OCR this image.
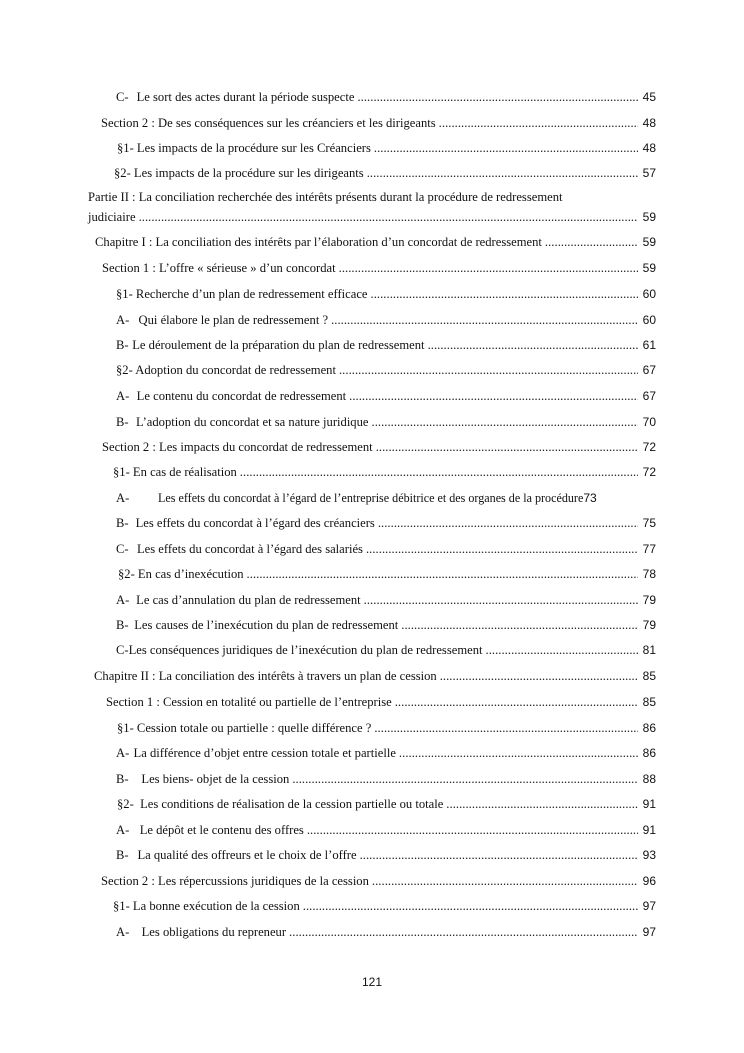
C- Le sort des actes durant la période suspecte . . .	45
Section 2 : De ses conséquences sur les créanciers et les dirigeants . . .	48
§1- Les impacts de la procédure sur les Créanciers . . .	48
§2- Les impacts de la procédure sur les dirigeants . . .	57
Partie II : La conciliation recherchée des intérêts présents durant la procédure de redressement
judiciaire . . .	59
Chapitre I : La conciliation des intérêts par l’élaboration d’un concordat de redressement . . .	59
Section 1 : L’offre « sérieuse » d’un concordat . . .	59
§1- Recherche d’un plan de redressement efficace . . .	60
A- Qui élabore le plan de redressement ? . . .	60
B- Le déroulement de la préparation du plan de redressement . . .	61
§2- Adoption du concordat de redressement . . .	67
A- Le contenu du concordat de redressement . . .	67
B- L’adoption du concordat et sa nature juridique . . .	70
Section 2 : Les impacts du concordat de redressement . . .	72
§1- En cas de réalisation . . .	72
A-	Les effets du concordat à l’égard de l’entreprise débitrice et des organes de la procédure 73
B- Les effets du concordat à l’égard des créanciers . . .	75
C- Les effets du concordat à l’égard des salariés . . .	77
§2- En cas d’inexécution . . .	78
A- Le cas d’annulation du plan de redressement . . .	79
B- Les causes de l’inexécution du plan de redressement . . .	79
C- Les conséquences juridiques de l’inexécution du plan de redressement . . .	81
Chapitre II : La conciliation des intérêts à travers un plan de cession . . .	85
Section 1 : Cession en totalité ou partielle de l’entreprise . . .	85
§1- Cession totale ou partielle : quelle différence ? . . .	86
A- La différence d’objet entre cession totale et partielle . . .	86
B-	Les biens- objet de la cession . . .	88
§2-  Les conditions de réalisation de la cession partielle ou totale . . .	91
A- Le dépôt et le contenu des offres . . .	91
B- La qualité des offreurs et le choix de l’offre . . .	93
Section 2 : Les répercussions juridiques de la cession . . .	96
§1- La bonne exécution de la cession . . .	97
A- Les obligations du repreneur . . .	97
121
